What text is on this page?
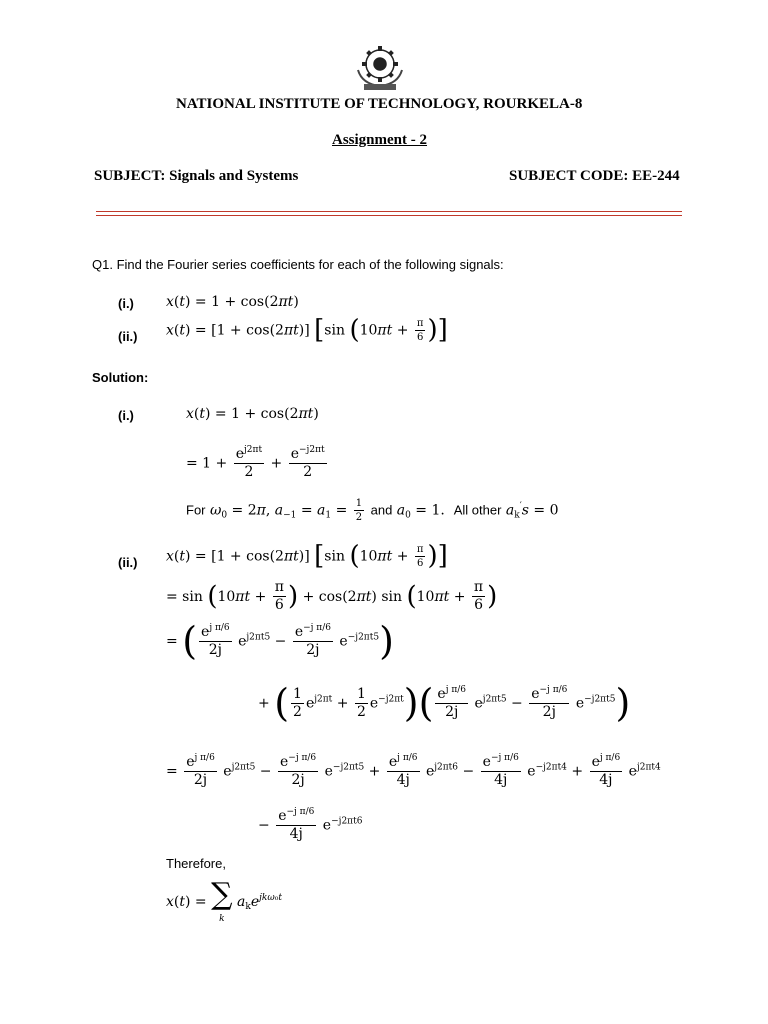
NATIONAL INSTITUTE OF TECHNOLOGY, ROURKELA-8
Assignment - 2
SUBJECT: Signals and Systems	SUBJECT CODE: EE-244
Q1. Find the Fourier series coefficients for each of the following signals:
(i.) x(t) = 1 + cos(2πt)
(ii.) x(t) = [1 + cos(2πt)] [sin ($10\pi t + \frac{\pi}{6}$ )]
Solution:
(i.)	x(t) = 1 + cos(2πt)
= $1 + \frac{e^{j2\pi t}}{2} + \frac{e^{-j2\pi t}}{2}$
For $\omega_0 = 2\pi$, $a_{-1} = a_1 = \frac{1}{2}$ and $a_0 = 1$.  All other $a_k's = 0$
(ii.) x(t) = [1 + cos(2πt)] [sin ($10\pi t + \frac{\pi}{6}$ )]
= $\sin (10\pi t + \frac{\pi}{6}$ ) + cos(2πt) $\sin (10\pi t + \frac{\pi}{6}$ )
= ( $\frac{e^{j \pi/6}}{2j} e^{j2\pi t5} - \frac{e^{-j \pi/6}}{2j} e^{-j2\pi t5}$)
+ ( $\frac{1}{2} e^{j2\pi t} + \frac{1}{2} e^{-j2\pi t})( \frac{e^{j \pi/6}}{2j} e^{j2\pi t5} - \frac{e^{-j \pi/6}}{2j} e^{-j2\pi t5})$
= $\frac{e^{j \pi/6}}{2j} e^{j2\pi t5} - \frac{e^{-j \pi/6}}{2j} e^{-j2\pi t5} + \frac{e^{j \pi/6}}{4j} e^{j2\pi t6} - \frac{e^{-j \pi/6}}{4j} e^{-j2\pi t4} + \frac{e^{j \pi/6}}{4j} e^{j2\pi t4}$
− $\frac{e^{-j \pi/6}}{4j} e^{-j2\pi t6}$
Therefore,
x(t) = ∑
k $a_ke^{jk\omega_0t}$
